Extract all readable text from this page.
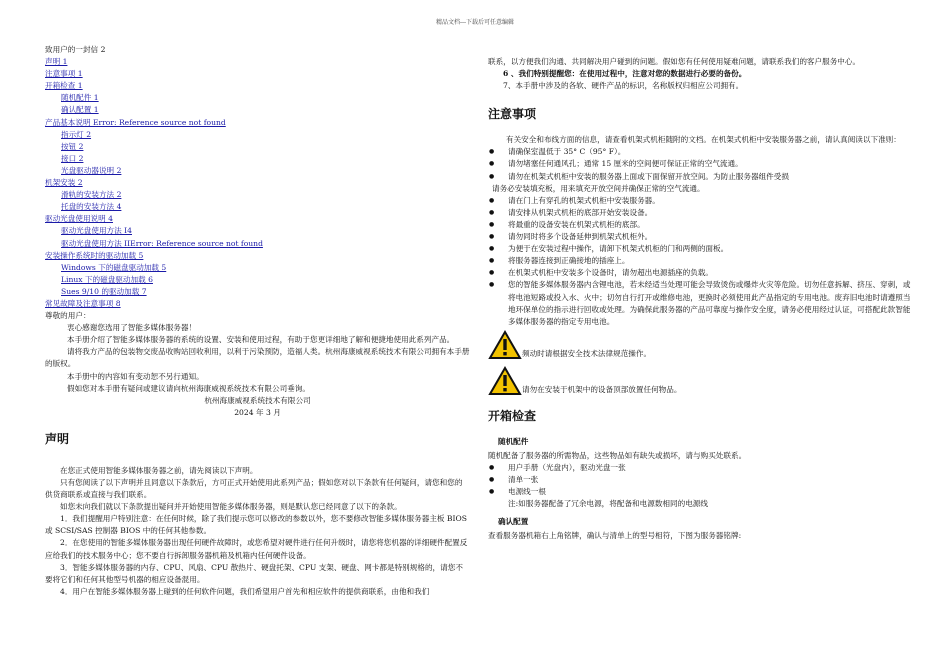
精品文档---下载后可任意编辑
致用户的一封信 2
声明 1
注意事项 1
开箱检查 1
随机配件 1
确认配置 1
产品基本说明 Error: Reference source not found
指示灯 2
按钮 2
接口 2
光盘驱动器说明 2
机架安装 2
滑轨的安装方法 2
托盘的安装方法 4
驱动光盘使用说明 4
驱动光盘使用方法 I4
驱动光盘使用方法 IIError: Reference source not found
安装操作系统时的驱动加载 5
Windows 下的磁盘驱动加载 5
Linux 下的磁盘驱动加载 6
Sues 9/10 的驱动加载 7
常见故障及注意事项 8

尊敬的用户：

衷心感谢您选用了智能多媒体服务器！

本手册介绍了智能多媒体服务器的系统的设置、安装和使用过程，有助于您更详细地了解和便捷地使用此系列产品。

请将我方产品的包装物交废品收购站回收利用，以利于污染预防，造福人类。杭州海康威视系统技术有限公司拥有本手册的版权。

本手册中的内容如有变动恕不另行通知。

假如您对本手册有疑问或建议请向杭州海康威视系统技术有限公司垂询。

杭州海康威视系统技术有限公司

2024 年 3 月

声明

在您正式使用智能多媒体服务器之前，请先阅读以下声明。

只有您阅读了以下声明并且同意以下条款后，方可正式开始使用此系列产品；假如您对以下条款有任何疑问，请您和您的供货商联系或直接与我们联系。

如您未向我们就以下条款提出疑问并开始使用智能多媒体服务器，则是默认您已经同意了以下的条款。

1．我们提醒用户特别注意：在任何时候，除了我们提示您可以修改的参数以外，您不要修改智能多媒体服务器主板 BIOS 或 SCSI/SAS 控制器 BIOS 中的任何其他参数。

2．在您使用的智能多媒体服务器出现任何硬件故障时，或您希望对硬件进行任何升级时，请您将您机器的详细硬件配置反应给我们的技术服务中心；您不要自行拆卸服务器机箱及机箱内任何硬件设备。

3．智能多媒体服务器的内存、CPU、风扇、CPU 散热片、硬盘托架、CPU 支架、硬盘、网卡都是特别规格的，请您不要将它们和任何其他型号机器的相应设备混用。

4．用户在智能多媒体服务器上碰到的任何软件问题，我们希望用户首先和相应软件的提供商联系，由他和我们

联系，以方便我们沟通、共同解决用户碰到的问题。假如您有任何使用疑难问题，请联系我们的客户服务中心。

6 、我们特别提醒您：在使用过程中，注意对您的数据进行必要的备份。

7、本手册中涉及的各软、硬件产品的标识，名称版权归相应公司拥有。

注意事项

有关安全和布线方面的信息，请查看机架式机柜随附的文档。在机架式机柜中安装服务器之前，请认真阅读以下准则：

● 请确保室温低于 35° C（95° F）。
● 请勿堵塞任何通风孔；通常 15 厘米的空间便可保证正常的空气流通。
● 请勿在机架式机柜中安装的服务器上面或下面保留开放空间。为防止服务器组件受损

请务必安装填充板，用来填充开放空间并确保正常的空气流通。

● 请在门上有穿孔的机架式机柜中安装服务器。
● 请安排从机架式机柜的底部开始安装设备。
● 将最重的设备安装在机架式机柜的底部。
● 请勿同时将多个设备延伸到机架式机柜外。
● 为便于在安装过程中操作，请卸下机架式机柜的门和两侧的面板。
● 将服务器连接到正确接地的插座上。
● 在机架式机柜中安装多个设备时，请勿超出电源插座的负载。
● 您的智能多媒体服务器内含锂电池，若未经适当处理可能会导致烫伤或爆炸火灾等危险。切勿任意拆解、挤压、穿刺，或将电池短路或投入水、火中；切勿自行打开或维修电池，更换时必须使用此产品指定的专用电池。废弃旧电池时请遵照当地环保单位的指示进行回收或处理。为确保此服务器的产品可靠度与操作安全度，请务必使用经过认证，可搭配此款智能多媒体服务器的指定专用电池。
频动时请根据安全技术法律规范操作。
请勿在安装于机架中的设备顶部放置任何物品。
开箱检查
随机配件

随机配备了服务器的所需物品，这些物品如有缺失或损坏，请与购买处联系。

● 用户手册（光盘内），驱动光盘一张
● 清单一张
● 电源线一根

注:如服务器配备了冗余电源，将配备和电源数相同的电源线

确认配置

查看服务器机箱右上角铭牌，确认与清单上的型号相符，下图为服务器铭牌:
